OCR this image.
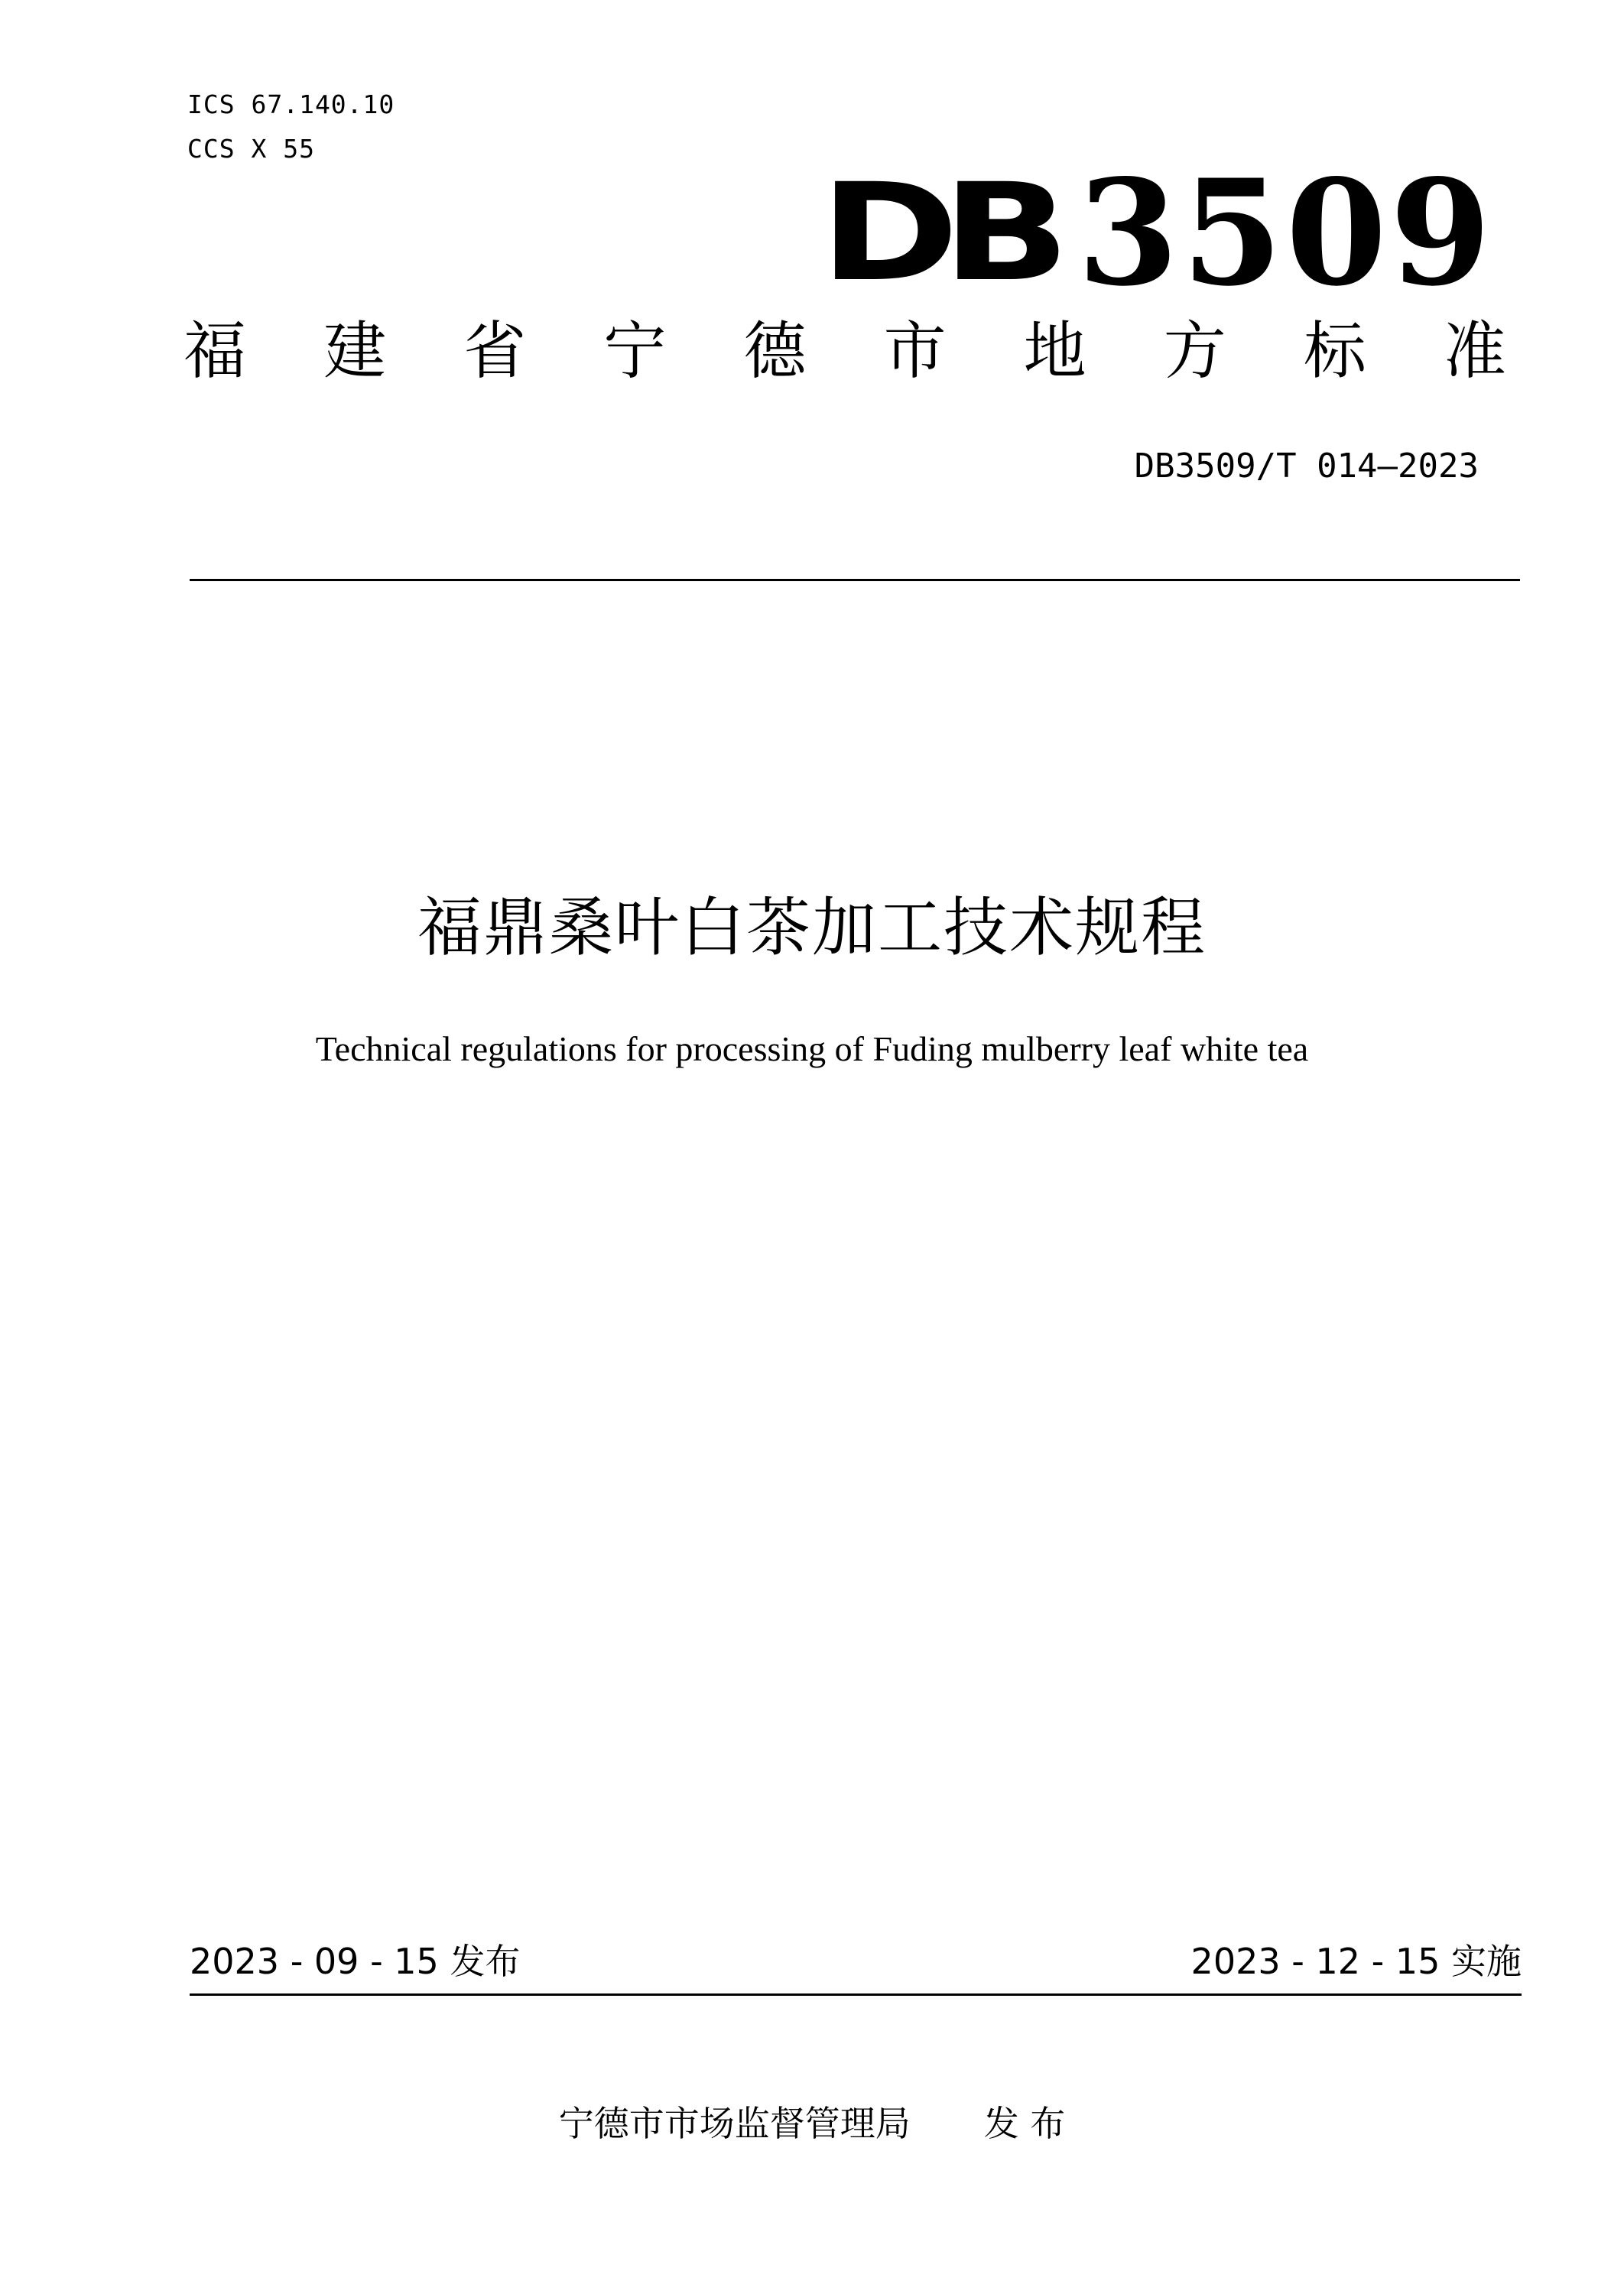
ICS 67.140.10
CCS X 55
DB 3509
福 建 省 宁 德 市 地 方 标 准
DB3509/T 014—2023
福鼎桑叶白茶加工技术规程
Technical regulations for processing of Fuding mulberry leaf white tea
2023 - 09 - 15 发布	2023 - 12 - 15 实施
宁德市市场监督管理局 发 布
